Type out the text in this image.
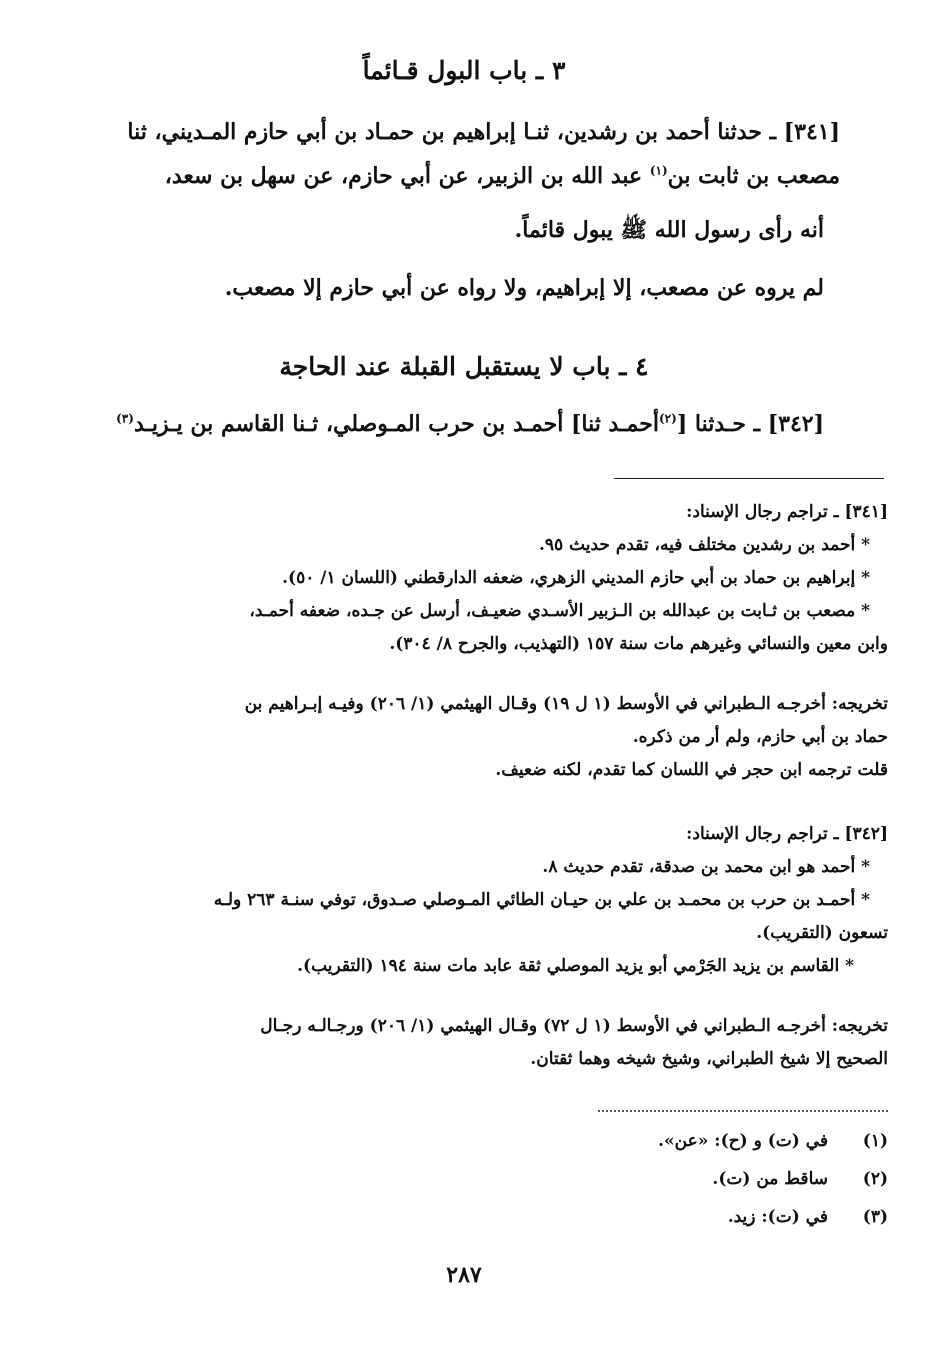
٣ ـ باب البول قـائماً
[٣٤١] ـ حدثنا أحمد بن رشدين، ثنـا إبراهيم بن حمـاد بن أبي حازم المـديني، ثنا
مصعب بن ثابت بن$^{(١)}$ عبد الله بن الزبير، عن أبي حازم، عن سهل بن سعد،
أنه رأى رسول الله ﷺ يبول قائماً.
لم يروه عن مصعب، إلا إبراهيم، ولا رواه عن أبي حازم إلا مصعب.
٤ ـ باب لا يستقبل القبلة عند الحاجة
[٣٤٢] ـ حـدثنا [$^{(٢)}$أحمـد ثنا] أحمـد بن حرب المـوصلي، ثـنا القاسم بن يـزيـد$^{(٣)}$
[٣٤١] ـ تراجم رجال الإسناد:
* أحمد بن رشدين مختلف فيه، تقدم حديث ٩٥.
* إبراهيم بن حماد بن أبي حازم المديني الزهري، ضعفه الدارقطني (اللسان ١/ ٥٠).
* مصعب بن ثـابت بن عبدالله بن الـزبير الأسـدي ضعيـف، أرسل عن جـده، ضعفه أحمـد،
وابن معين والنسائي وغيرهم مات سنة ١٥٧ (التهذيب، والجرح ٨/ ٣٠٤).
تخريجه: أخرجـه الـطبراني في الأوسط (١ ل ١٩) وقـال الهيثمي (١/ ٢٠٦) وفيـه إبـراهيم بن
حماد بن أبي حازم، ولم أر من ذكره.
قلت ترجمه ابن حجر في اللسان كما تقدم، لكنه ضعيف.
[٣٤٢] ـ تراجم رجال الإسناد:
* أحمد هو ابن محمد بن صدقة، تقدم حديث ٨.
* أحمـد بن حرب بن محمـد بن علي بن حيـان الطائي المـوصلي صـدوق، توفي سنـة ٢٦٣ ولـه
تسعون (التقريب).
* القاسم بن يزيد الجَرْمي أبو يزيد الموصلي ثقة عابد مات سنة ١٩٤ (التقريب).
تخريجه: أخرجـه الـطبراني في الأوسط (١ ل ٧٢) وقـال الهيثمي (١/ ٢٠٦) ورجـالـه رجـال
الصحيح إلا شيخ الطبراني، وشيخ شيخه وهما ثقتان.
(١)في (ت) و (ح): «عن».
(٢)ساقط من (ت).
(٣)في (ت): زيد.
٢٨٧
